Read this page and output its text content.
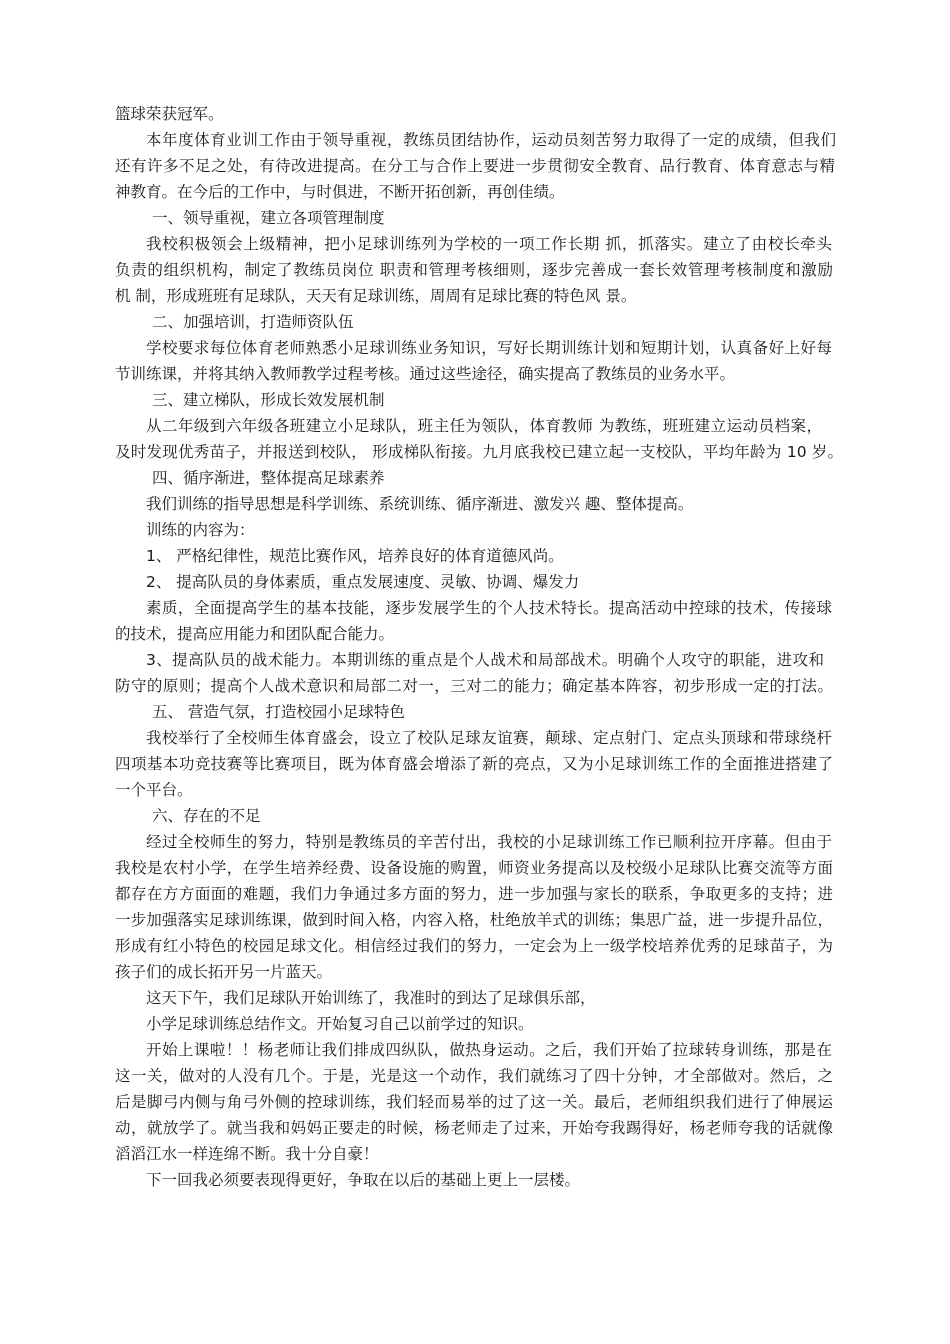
篮球荣获冠军。
本年度体育业训工作由于领导重视，教练员团结协作，运动员刻苦努力取得了一定的成绩，但我们
还有许多不足之处，有待改进提高。在分工与合作上要进一步贯彻安全教育、品行教育、体育意志与精
神教育。在今后的工作中，与时俱进，不断开拓创新，再创佳绩。
一、领导重视，建立各项管理制度
我校积极领会上级精神，把小足球训练列为学校的一项工作长期 抓，抓落实。建立了由校长牵头
负责的组织机构，制定了教练员岗位 职责和管理考核细则，逐步完善成一套长效管理考核制度和激励
机 制，形成班班有足球队，天天有足球训练，周周有足球比赛的特色风 景。
二、加强培训，打造师资队伍
学校要求每位体育老师熟悉小足球训练业务知识，写好长期训练计划和短期计划，认真备好上好每
节训练课，并将其纳入教师教学过程考核。通过这些途径，确实提高了教练员的业务水平。
三、建立梯队，形成长效发展机制
从二年级到六年级各班建立小足球队，班主任为领队，体育教师 为教练，班班建立运动员档案，
及时发现优秀苗子，并报送到校队， 形成梯队衔接。九月底我校已建立起一支校队，平均年龄为 10 岁。
四、循序渐进，整体提高足球素养
我们训练的指导思想是科学训练、系统训练、循序渐进、激发兴 趣、整体提高。
训练的内容为：
1、 严格纪律性，规范比赛作风，培养良好的体育道德风尚。
2、 提高队员的身体素质，重点发展速度、灵敏、协调、爆发力
素质，全面提高学生的基本技能，逐步发展学生的个人技术特长。提高活动中控球的技术，传接球
的技术，提高应用能力和团队配合能力。
3、提高队员的战术能力。本期训练的重点是个人战术和局部战术。明确个人攻守的职能，进攻和
防守的原则；提高个人战术意识和局部二对一，三对二的能力；确定基本阵容，初步形成一定的打法。
五、 营造气氛，打造校园小足球特色
我校举行了全校师生体育盛会，设立了校队足球友谊赛，颠球、定点射门、定点头顶球和带球绕杆
四项基本功竞技赛等比赛项目，既为体育盛会增添了新的亮点，又为小足球训练工作的全面推进搭建了
一个平台。
六、存在的不足
经过全校师生的努力，特别是教练员的辛苦付出，我校的小足球训练工作已顺利拉开序幕。但由于
我校是农村小学，在学生培养经费、设备设施的购置，师资业务提高以及校级小足球队比赛交流等方面
都存在方方面面的难题，我们力争通过多方面的努力，进一步加强与家长的联系，争取更多的支持；进
一步加强落实足球训练课，做到时间入格，内容入格，杜绝放羊式的训练；集思广益，进一步提升品位，
形成有红小特色的校园足球文化。相信经过我们的努力，一定会为上一级学校培养优秀的足球苗子，为
孩子们的成长拓开另一片蓝天。
这天下午，我们足球队开始训练了，我准时的到达了足球俱乐部，
小学足球训练总结作文。开始复习自己以前学过的知识。
开始上课啦！！杨老师让我们排成四纵队，做热身运动。之后，我们开始了拉球转身训练，那是在
这一关，做对的人没有几个。于是，光是这一个动作，我们就练习了四十分钟，才全部做对。然后，之
后是脚弓内侧与角弓外侧的控球训练，我们轻而易举的过了这一关。最后，老师组织我们进行了伸展运
动，就放学了。就当我和妈妈正要走的时候，杨老师走了过来，开始夸我踢得好，杨老师夸我的话就像
滔滔江水一样连绵不断。我十分自豪！
下一回我必须要表现得更好，争取在以后的基础上更上一层楼。
